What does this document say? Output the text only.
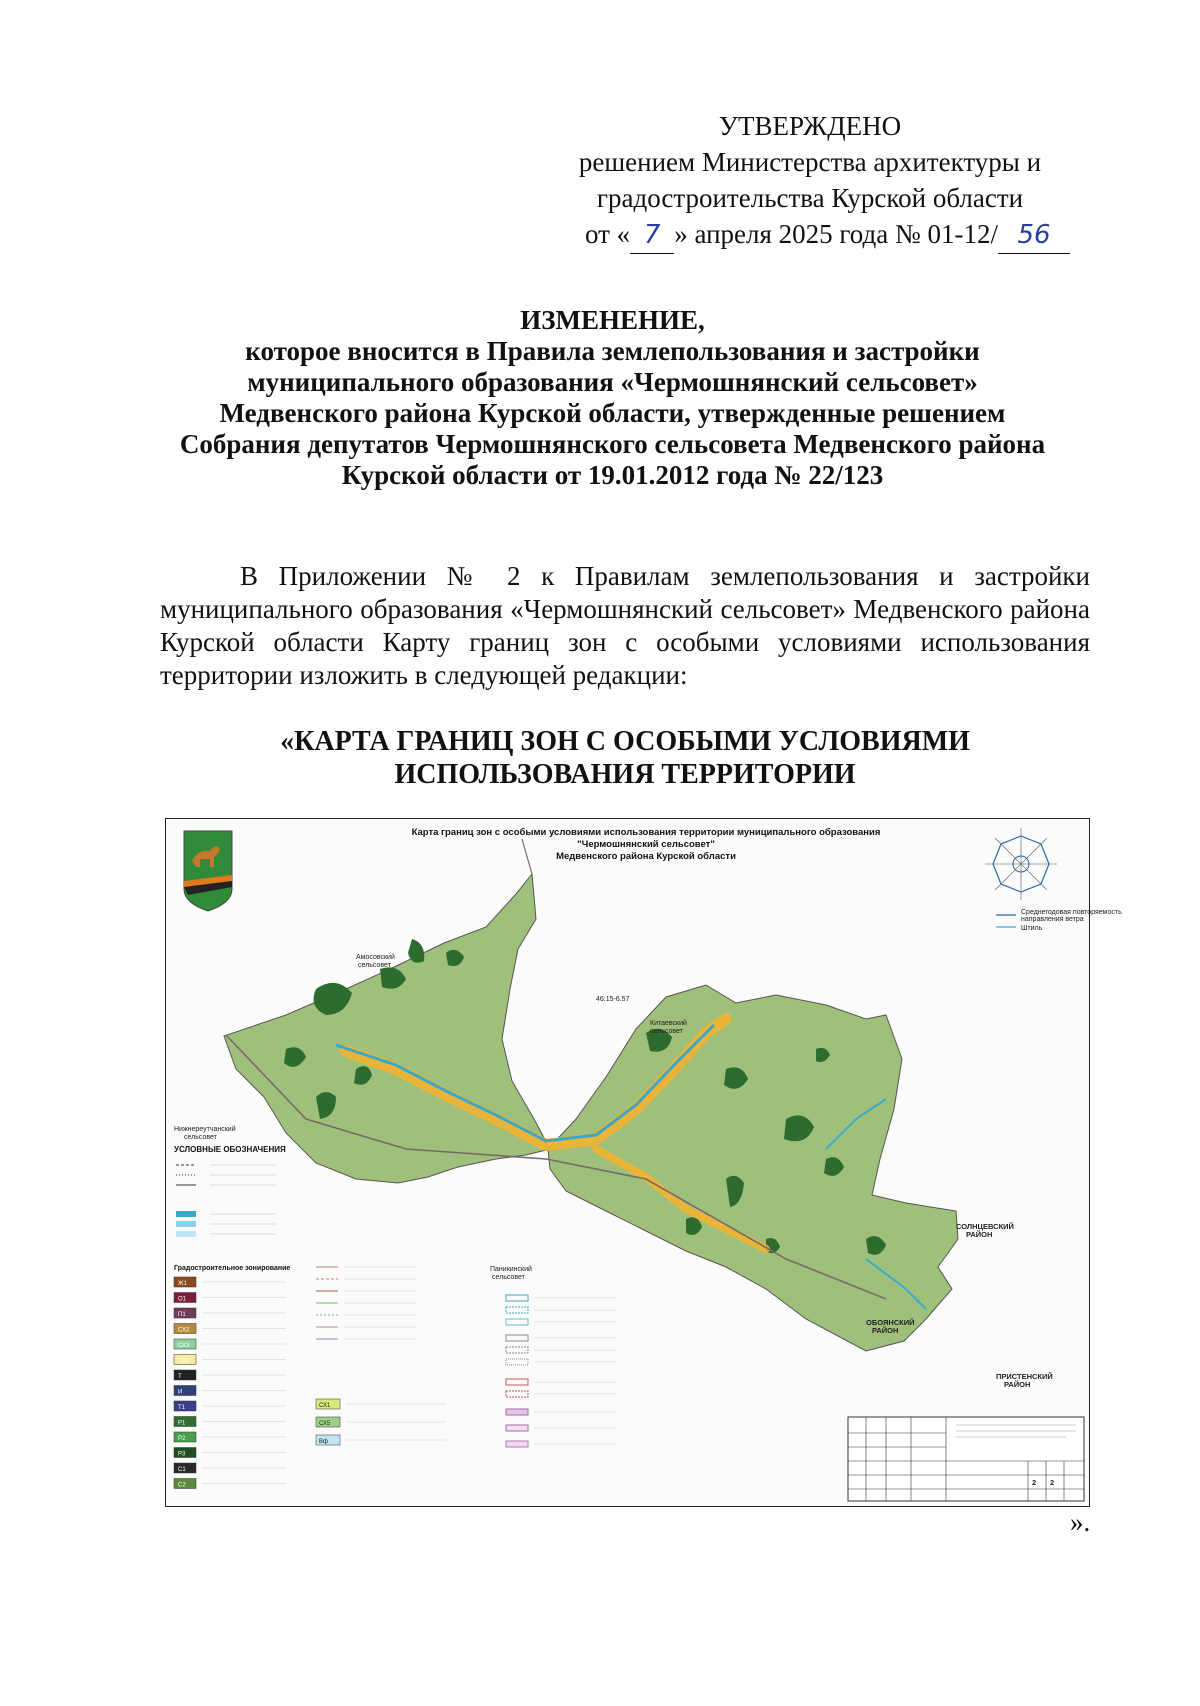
УТВЕРЖДЕНО
решением Министерства архитектуры и
градостроительства Курской области
от « 7 » апреля 2025 года № 01-12/ 56
ИЗМЕНЕНИЕ,
которое вносится в Правила землепользования и застройки
муниципального образования «Чермошнянский сельсовет»
Медвенского района Курской области, утвержденные решением
Собрания депутатов Чермошнянского сельсовета Медвенского района
Курской области от 19.01.2012 года № 22/123
В Приложении № 2 к Правилам землепользования и застройки муниципального образования «Чермошнянский сельсовет» Медвенского района Курской области Карту границ зон с особыми условиями использования территории изложить в следующей редакции:
«КАРТА ГРАНИЦ ЗОН С ОСОБЫМИ УСЛОВИЯМИ
ИСПОЛЬЗОВАНИЯ ТЕРРИТОРИИ
Карта границ зон с особыми условиями использования территории муниципального образования
"Чермошнянский сельсовет"
Медвенского района Курской области
Среднегодовая повторяемость
направления ветра
Штиль
Амосовский
сельсовет
Китаевский
сельсовет
Нижнереутчанский
сельсовет
Паникинский
сельсовет
СОЛНЦЕВСКИЙ
РАЙОН
ОБОЯНСКИЙ
РАЙОН
ПРИСТЕНСКИЙ
РАЙОН
46:15-6.57
Ж1
О1
П1
СХ2
СХ3
СХ4
Т
И
Т1
Р1
Р2
Р3
С1
С2
СХ1
СХ5
Вф
2 2
УСЛОВНЫЕ ОБОЗНАЧЕНИЯ
Градостроительное зонирование
».
